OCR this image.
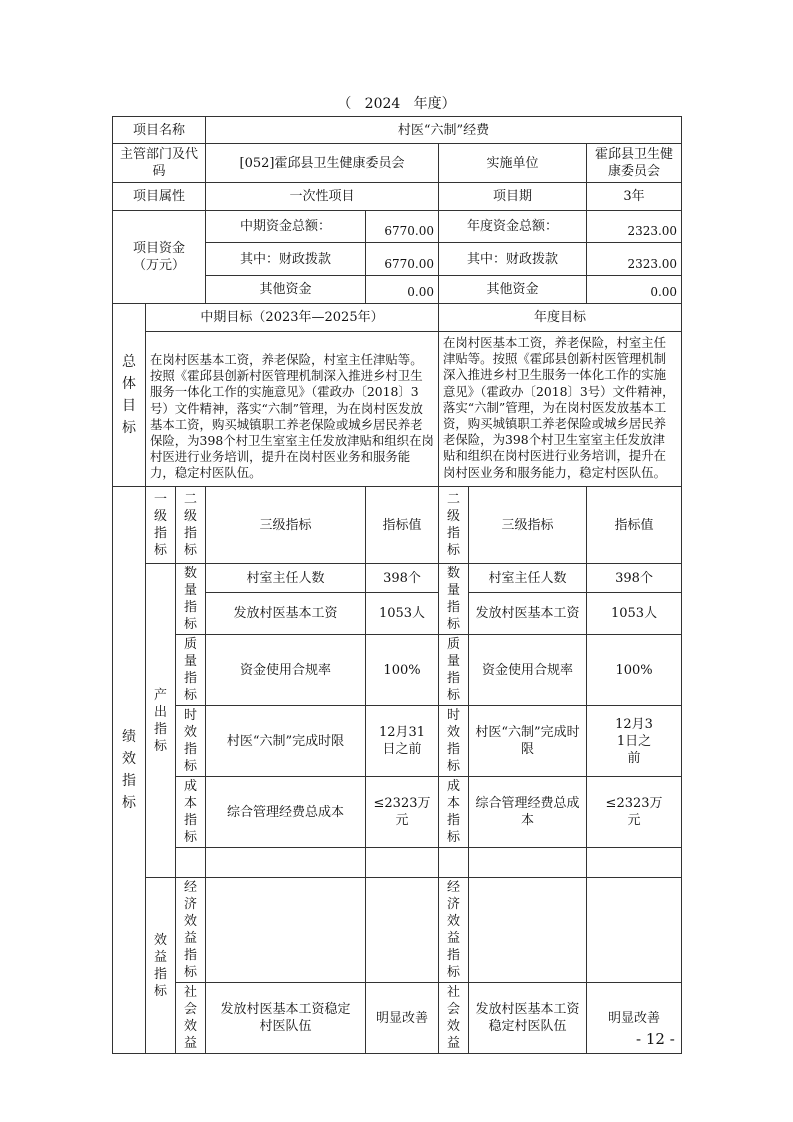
（   2024   年度）
项目名称			村医“六制”经费				
主管部门及代码			[052]霍邱县卫生健康委员会		实施单位		霍邱县卫生健康委员会
项目属性			一次性项目		项目期		3年
项目资金（万元）			中期资金总额：	6770.00	年度资金总额：		2323.00
			其中：财政拨款	6770.00	其中：财政拨款		2323.00
			其他资金	0.00	其他资金		0.00

总体目标	中期目标（2023年—2025年）				年度目标		
	在岗村医基本工资，养老保险，村室主任津贴等。按照《霍邱县创新村医管理机制深入推进乡村卫生服务一体化工作的实施意见》（霍政办〔2018〕3号）文件精神，落实“六制”管理，为在岗村医发放基本工资，购买城镇职工养老保险或城乡居民养老保险，为398个村卫生室室主任发放津贴和组织在岗村医进行业务培训，提升在岗村医业务和服务能力，稳定村医队伍。				在岗村医基本工资，养老保险，村室主任津贴等。按照《霍邱县创新村医管理机制深入推进乡村卫生服务一体化工作的实施意见》（霍政办〔2018〕3号）文件精神，落实“六制”管理，为在岗村医发放基本工资，购买城镇职工养老保险或城乡居民养老保险，为398个村卫生室室主任发放津贴和组织在岗村医进行业务培训，提升在岗村医业务和服务能力，稳定村医队伍。		

绩效指标	一级指标	二级指标	三级指标	指标值	二级指标	三级指标	指标值

	产出指标	数量指标	村室主任人数	398个	数量指标	村室主任人数	398个
			发放村医基本工资	1053人		发放村医基本工资	1053人

		质量指标	资金使用合规率	100%	质量指标	资金使用合规率	100%

		时效指标	村医“六制”完成时限	12月31日之前	时效指标	村医“六制”完成时限	12月31日之前

		成本指标	综合管理经费总成本	≤2323万元	成本指标	综合管理经费总成本	≤2323万元

	效益指标	经济效益指标			经济效益指标		

		社会效益	发放村医基本工资稳定村医队伍	明显改善	社会效益	发放村医基本工资稳定村医队伍	明显改善
- 12 -
